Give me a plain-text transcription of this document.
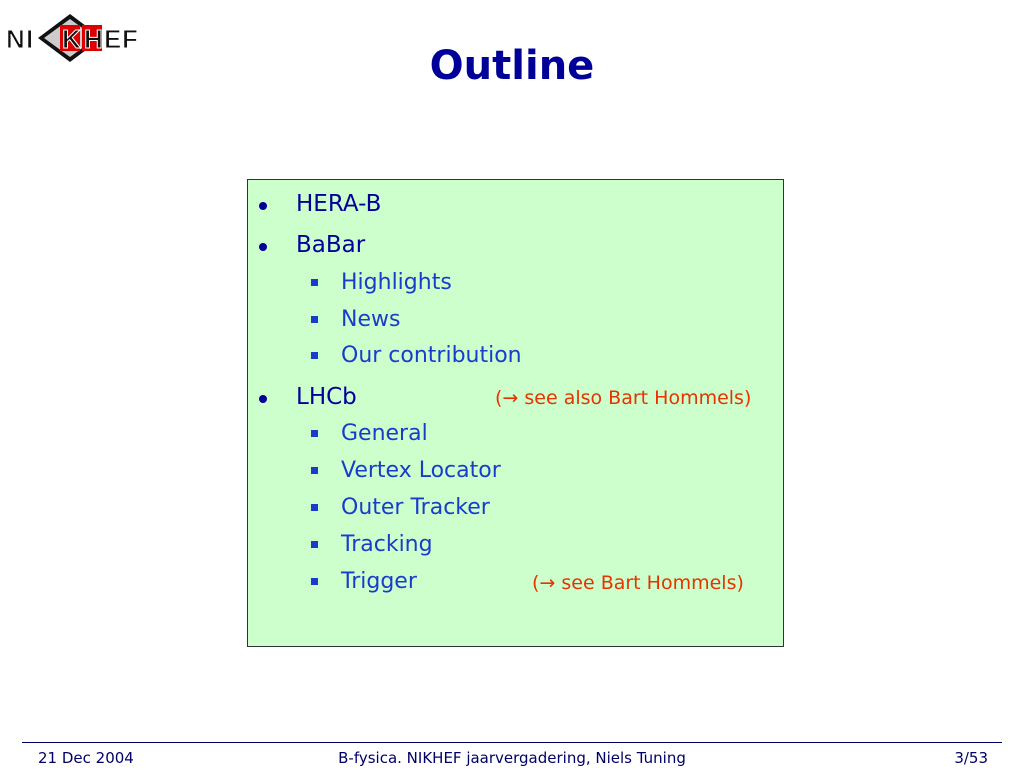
N I K H E F
Outline
HERA-B
BaBar
Highlights
News
Our contribution
LHCb	(→ see also Bart Hommels)
General
Vertex Locator
Outer Tracker
Tracking
Trigger	(→ see Bart Hommels)
21 Dec 2004	B-fysica. NIKHEF jaarvergadering, Niels Tuning	3/53
